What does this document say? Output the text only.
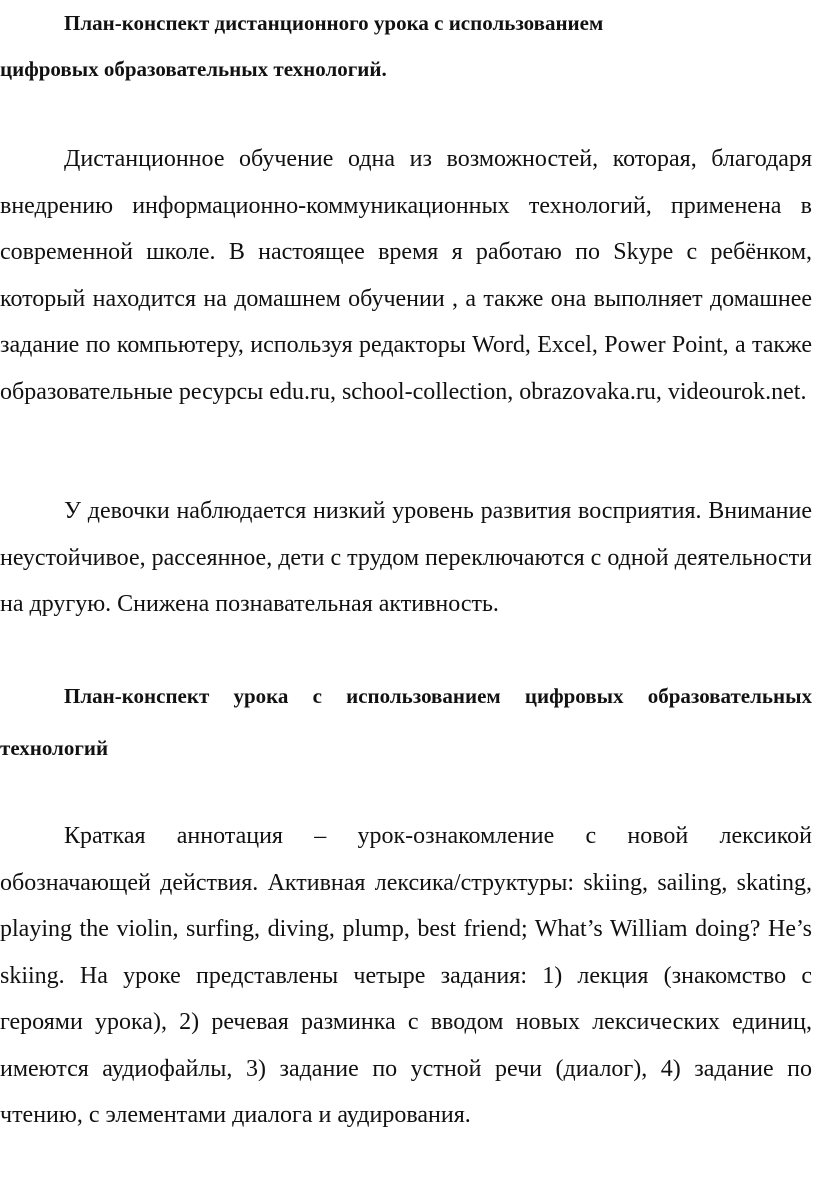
План-конспект дистанционного урока с использованием
цифровых образовательных технологий.

Дистанционное обучение одна из возможностей, которая, благодаря внедрению информационно-коммуникационных технологий, применена в современной школе. В настоящее время я работаю по Skype с ребёнком, который находится на домашнем обучении , а также она выполняет домашнее задание по компьютеру, используя редакторы Word, Excel, Power Point, а также образовательные ресурсы edu.ru, school-collection, obrazovaka.ru, videourok.net.

У девочки наблюдается низкий уровень развития восприятия. Внимание неустойчивое, рассеянное, дети с трудом переключаются с одной деятельности на другую. Снижена познавательная активность.

План-конспект урока с использованием цифровых образовательных технологий

Краткая аннотация – урок-ознакомление с новой лексикой обозначающей действия. Активная лексика/структуры: skiing, sailing, skating, playing the violin, surfing, diving, plump, best friend; What’s William doing? He’s skiing. На уроке представлены четыре задания: 1) лекция (знакомство с героями урока), 2) речевая разминка с вводом новых лексических единиц, имеются аудиофайлы, 3) задание по устной речи (диалог), 4) задание по чтению, с элементами диалога и аудирования.
